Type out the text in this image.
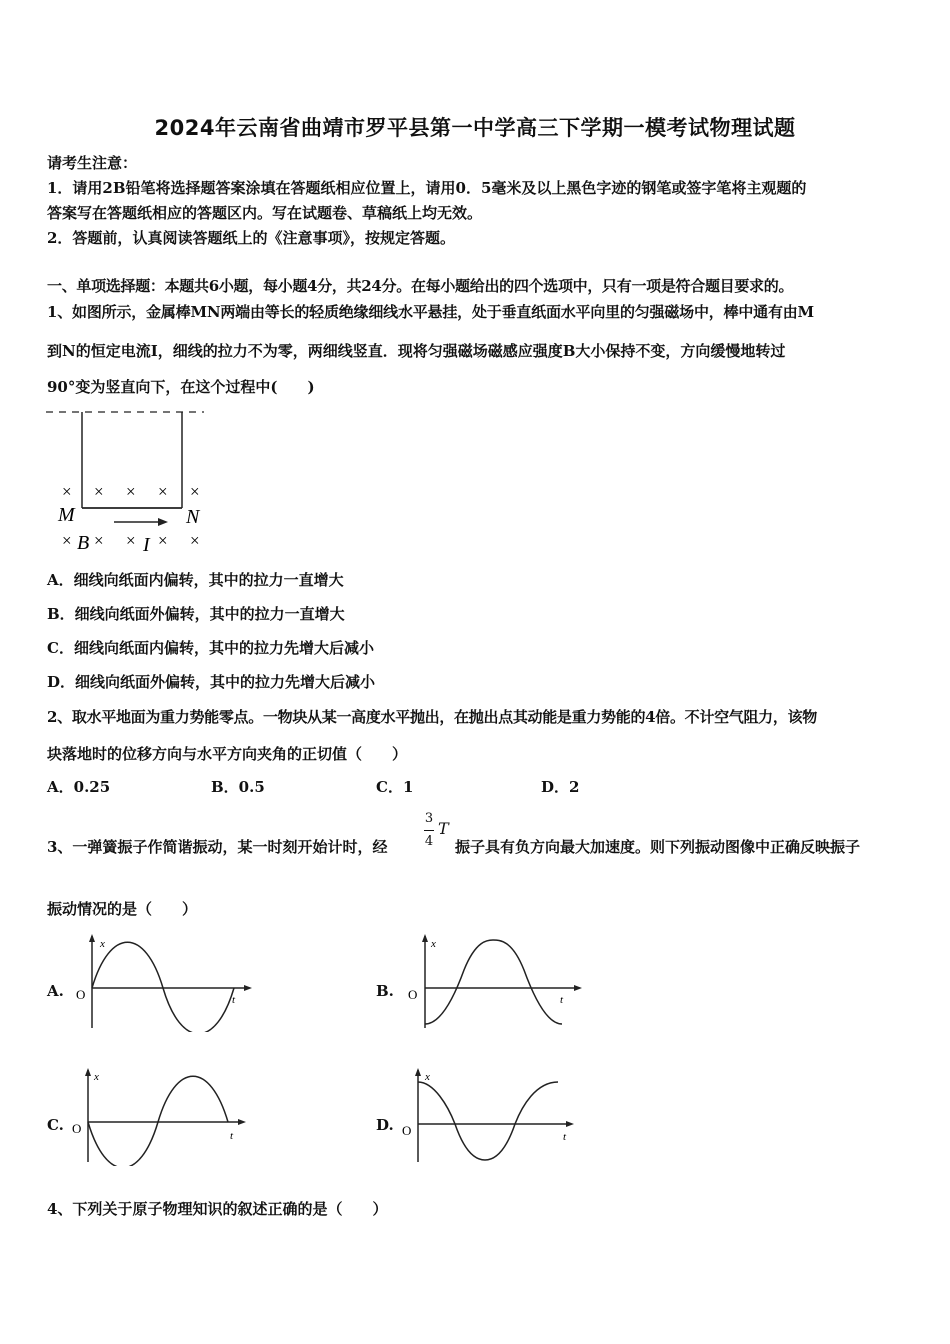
2024年云南省曲靖市罗平县第一中学高三下学期一模考试物理试题
请考生注意：
1．请用2B铅笔将选择题答案涂填在答题纸相应位置上，请用0．5毫米及以上黑色字迹的钢笔或签字笔将主观题的
答案写在答题纸相应的答题区内。写在试题卷、草稿纸上均无效。
2．答题前，认真阅读答题纸上的《注意事项》，按规定答题。
一、单项选择题：本题共6小题，每小题4分，共24分。在每小题给出的四个选项中，只有一项是符合题目要求的。
1、如图所示，金属棒MN两端由等长的轻质绝缘细线水平悬挂，处于垂直纸面水平向里的匀强磁场中，棒中通有由M
到N的恒定电流I，细线的拉力不为零，两细线竖直．现将匀强磁场磁感应强度B大小保持不变，方向缓慢地转过
90°变为竖直向下，在这个过程中(　　)
× × × × ×
M	N
× B × × I × ×
A．细线向纸面内偏转，其中的拉力一直增大
B．细线向纸面外偏转，其中的拉力一直增大
C．细线向纸面内偏转，其中的拉力先增大后减小
D．细线向纸面外偏转，其中的拉力先增大后减小
2、取水平地面为重力势能零点。一物块从某一高度水平抛出，在抛出点其动能是重力势能的4倍。不计空气阻力，该物
块落地时的位移方向与水平方向夹角的正切值（　　）
A．0.25	B．0.5	C．1	D．2
3、一弹簧振子作简谐振动，某一时刻开始计时，经
3
4
T
振子具有负方向最大加速度。则下列振动图像中正确反映振子
振动情况的是（　　）
A. O
x
t	B. O
x
t
C. O
x
t
D. O
x
t
4、下列关于原子物理知识的叙述正确的是（　　）
